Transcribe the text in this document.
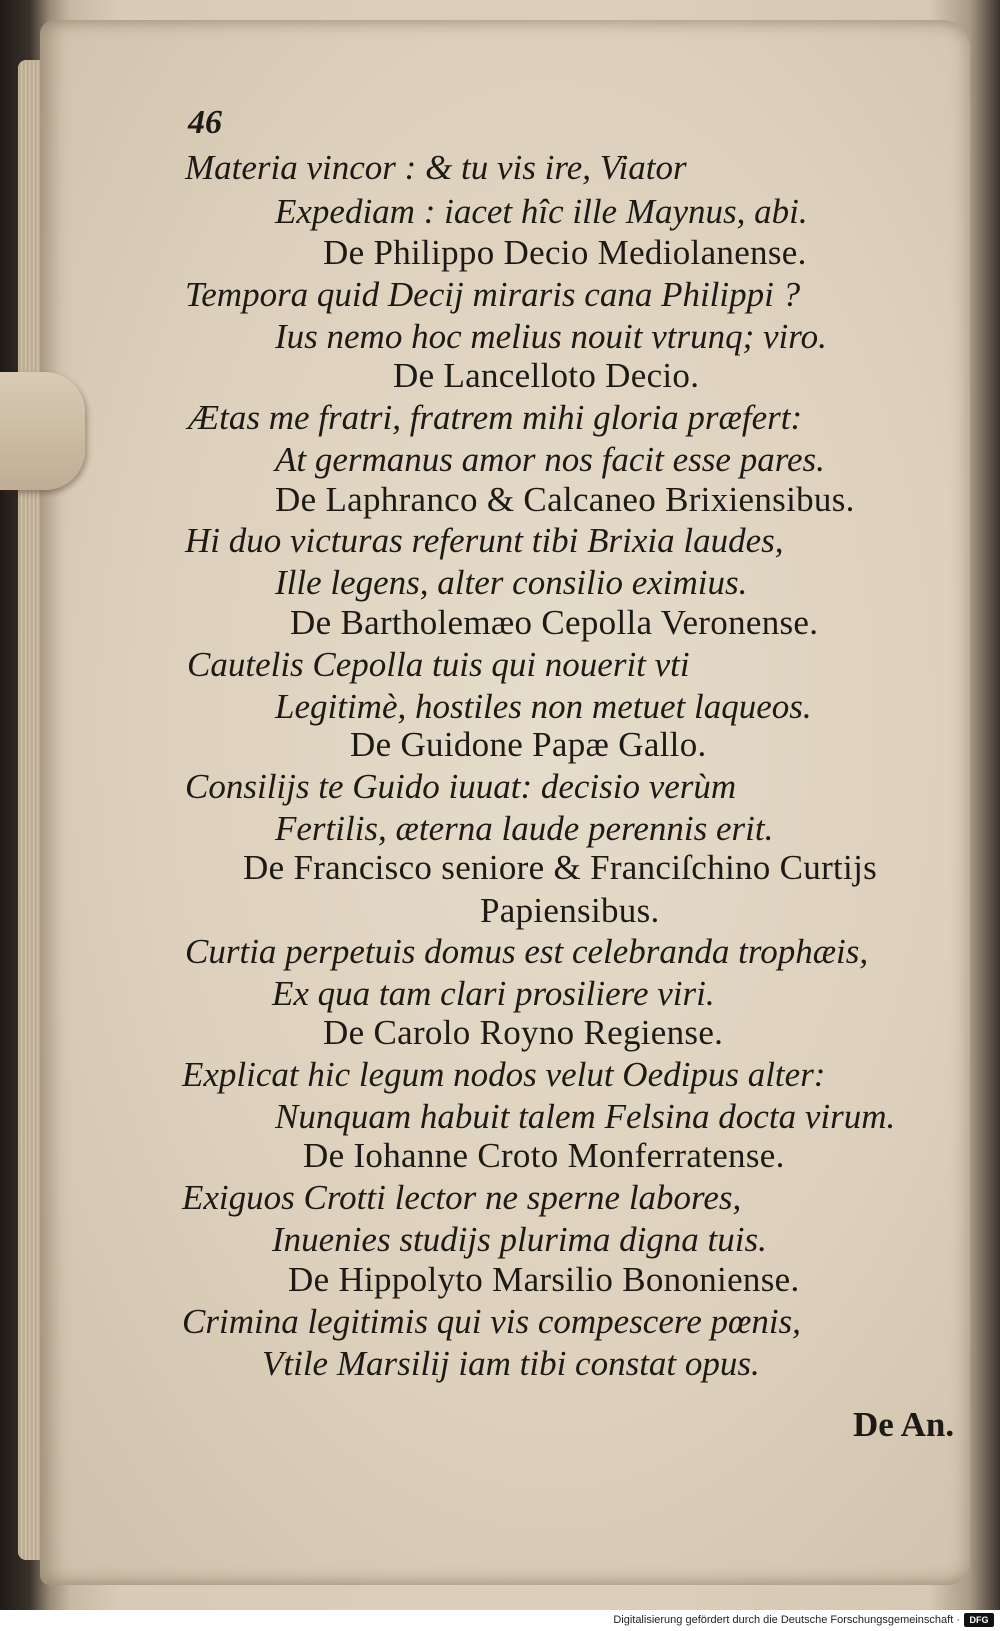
46
Materia vincor : & tu vis ire, Viator
Expediam : iacet hîc ille Maynus, abi.
De Philippo Decio Mediolanense.
Tempora quid Decij miraris cana Philippi ?
Ius nemo hoc melius nouit vtrunq; viro.
De Lancelloto Decio.
Ætas me fratri, fratrem mihi gloria præfert:
At germanus amor nos facit esse pares.
De Laphranco & Calcaneo Brixiensibus.
Hi duo victuras referunt tibi Brixia laudes,
Ille legens, alter consilio eximius.
De Bartholemæo Cepolla Veronense.
Cautelis Cepolla tuis qui nouerit vti
Legitimè, hostiles non metuet laqueos.
De Guidone Papæ Gallo.
Consilijs te Guido iuuat: decisio verùm
Fertilis, æterna laude perennis erit.
De Francisco seniore & Franciſchino Curtijs
Papiensibus.
Curtia perpetuis domus est celebranda trophæis,
Ex qua tam clari prosiliere viri.
De Carolo Royno Regiense.
Explicat hic legum nodos velut Oedipus alter:
Nunquam habuit talem Felsina docta virum.
De Iohanne Croto Monferratense.
Exiguos Crotti lector ne sperne labores,
Inuenies studijs plurima digna tuis.
De Hippolyto Marsilio Bononiense.
Crimina legitimis qui vis compescere pœnis,
Vtile Marsilij iam tibi constat opus.
De An.
Digitalisierung gefördert durch die Deutsche Forschungsgemeinschaft ·	DFG
